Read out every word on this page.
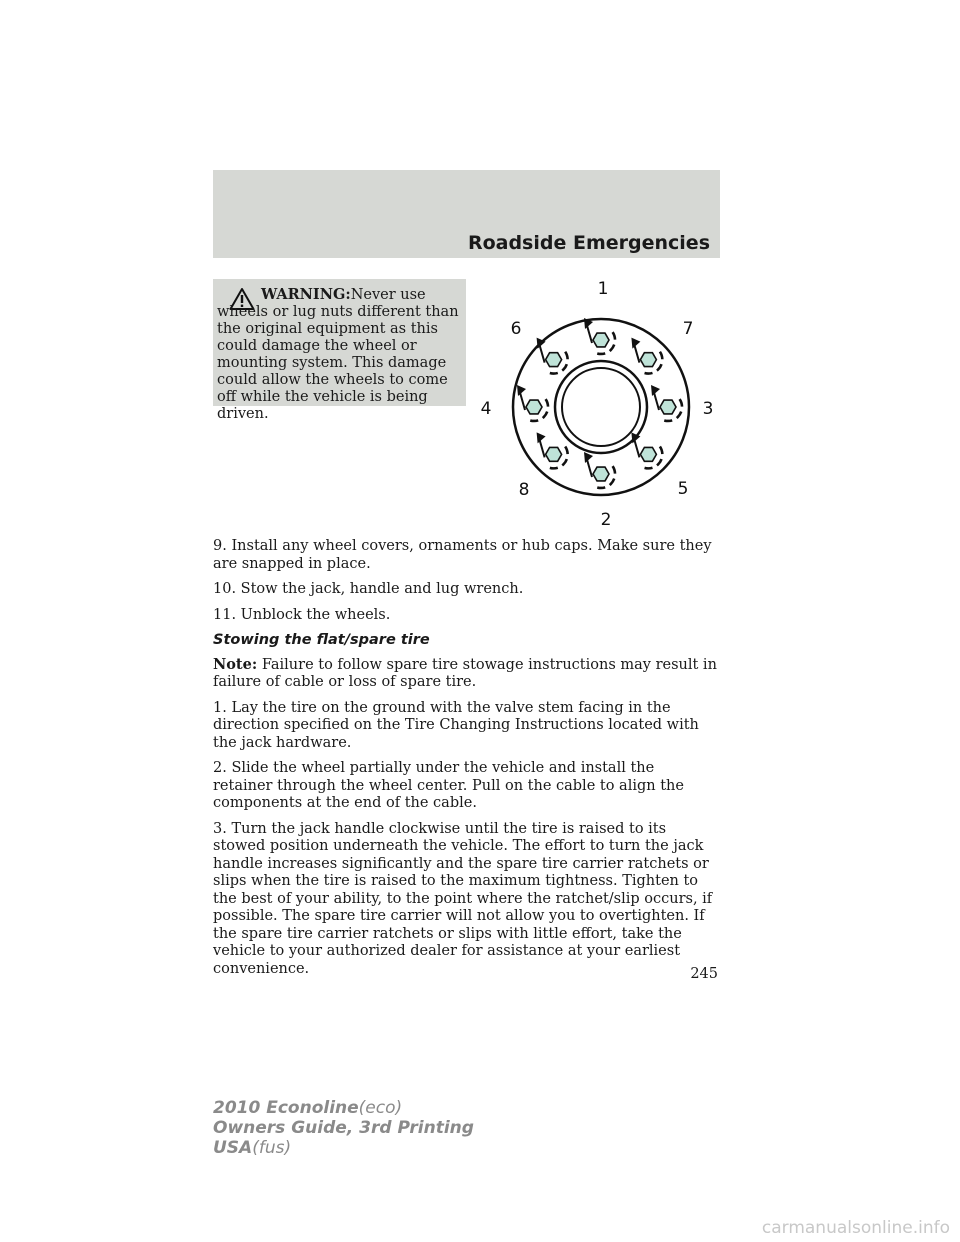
Roadside Emergencies
WARNING:Never use wheels or lug nuts different than the original equipment as this could damage the wheel or mounting system. This damage could allow the wheels to come off while the vehicle is being driven.
1
2
3
4
5
6	7
8

9. Install any wheel covers, ornaments or hub caps. Make sure they are snapped in place.

10. Stow the jack, handle and lug wrench.

11. Unblock the wheels.

Stowing the flat/spare tire

Note: Failure to follow spare tire stowage instructions may result in failure of cable or loss of spare tire.

1. Lay the tire on the ground with the valve stem facing in the direction specified on the Tire Changing Instructions located with the jack hardware.

2. Slide the wheel partially under the vehicle and install the retainer through the wheel center. Pull on the cable to align the components at the end of the cable.

3. Turn the jack handle clockwise until the tire is raised to its stowed position underneath the vehicle. The effort to turn the jack handle increases significantly and the spare tire carrier ratchets or slips when the tire is raised to the maximum tightness. Tighten to the best of your ability, to the point where the ratchet/slip occurs, if possible. The spare tire carrier will not allow you to overtighten. If the spare tire carrier ratchets or slips with little effort, take the vehicle to your authorized dealer for assistance at your earliest convenience.	245
2010 Econoline(eco)
Owners Guide, 3rd Printing
USA(fus)
carmanualsonline.info
